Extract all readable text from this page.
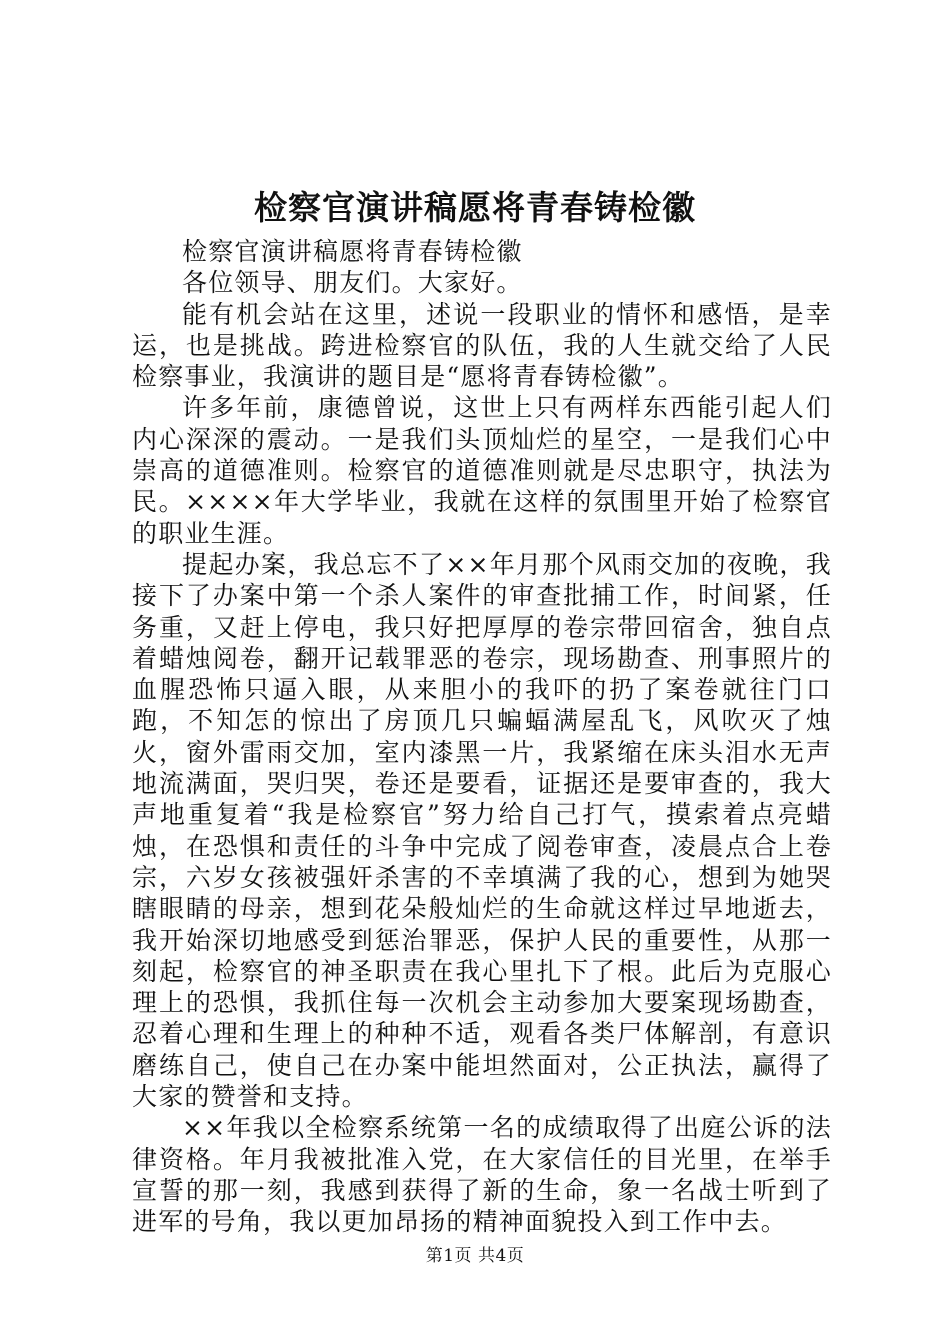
检察官演讲稿愿将青春铸检徽

检察官演讲稿愿将青春铸检徽

各位领导、朋友们。大家好。

能有机会站在这里，述说一段职业的情怀和感悟，是幸运，也是挑战。跨进检察官的队伍，我的人生就交给了人民检察事业，我演讲的题目是“愿将青春铸检徽”。

许多年前，康德曾说，这世上只有两样东西能引起人们内心深深的震动。一是我们头顶灿烂的星空，一是我们心中崇高的道德准则。检察官的道德准则就是尽忠职守，执法为民。××××年大学毕业，我就在这样的氛围里开始了检察官的职业生涯。

提起办案，我总忘不了××年月那个风雨交加的夜晚，我接下了办案中第一个杀人案件的审查批捕工作，时间紧，任务重，又赶上停电，我只好把厚厚的卷宗带回宿舍，独自点着蜡烛阅卷，翻开记载罪恶的卷宗，现场勘查、刑事照片的血腥恐怖只逼入眼，从来胆小的我吓的扔了案卷就往门口跑，不知怎的惊出了房顶几只蝙蝠满屋乱飞，风吹灭了烛火，窗外雷雨交加，室内漆黑一片，我紧缩在床头泪水无声地流满面，哭归哭，卷还是要看，证据还是要审查的，我大声地重复着“我是检察官”努力给自己打气，摸索着点亮蜡烛，在恐惧和责任的斗争中完成了阅卷审查，凌晨点合上卷宗，六岁女孩被强奸杀害的不幸填满了我的心，想到为她哭瞎眼睛的母亲，想到花朵般灿烂的生命就这样过早地逝去，我开始深切地感受到惩治罪恶，保护人民的重要性，从那一刻起，检察官的神圣职责在我心里扎下了根。此后为克服心理上的恐惧，我抓住每一次机会主动参加大要案现场勘查，忍着心理和生理上的种种不适，观看各类尸体解剖，有意识磨练自己，使自己在办案中能坦然面对，公正执法，赢得了大家的赞誉和支持。

××年我以全检察系统第一名的成绩取得了出庭公诉的法律资格。年月我被批准入党，在大家信任的目光里，在举手宣誓的那一刻，我感到获得了新的生命，象一名战士听到了进军的号角，我以更加昂扬的精神面貌投入到工作中去。

第1页 共4页
